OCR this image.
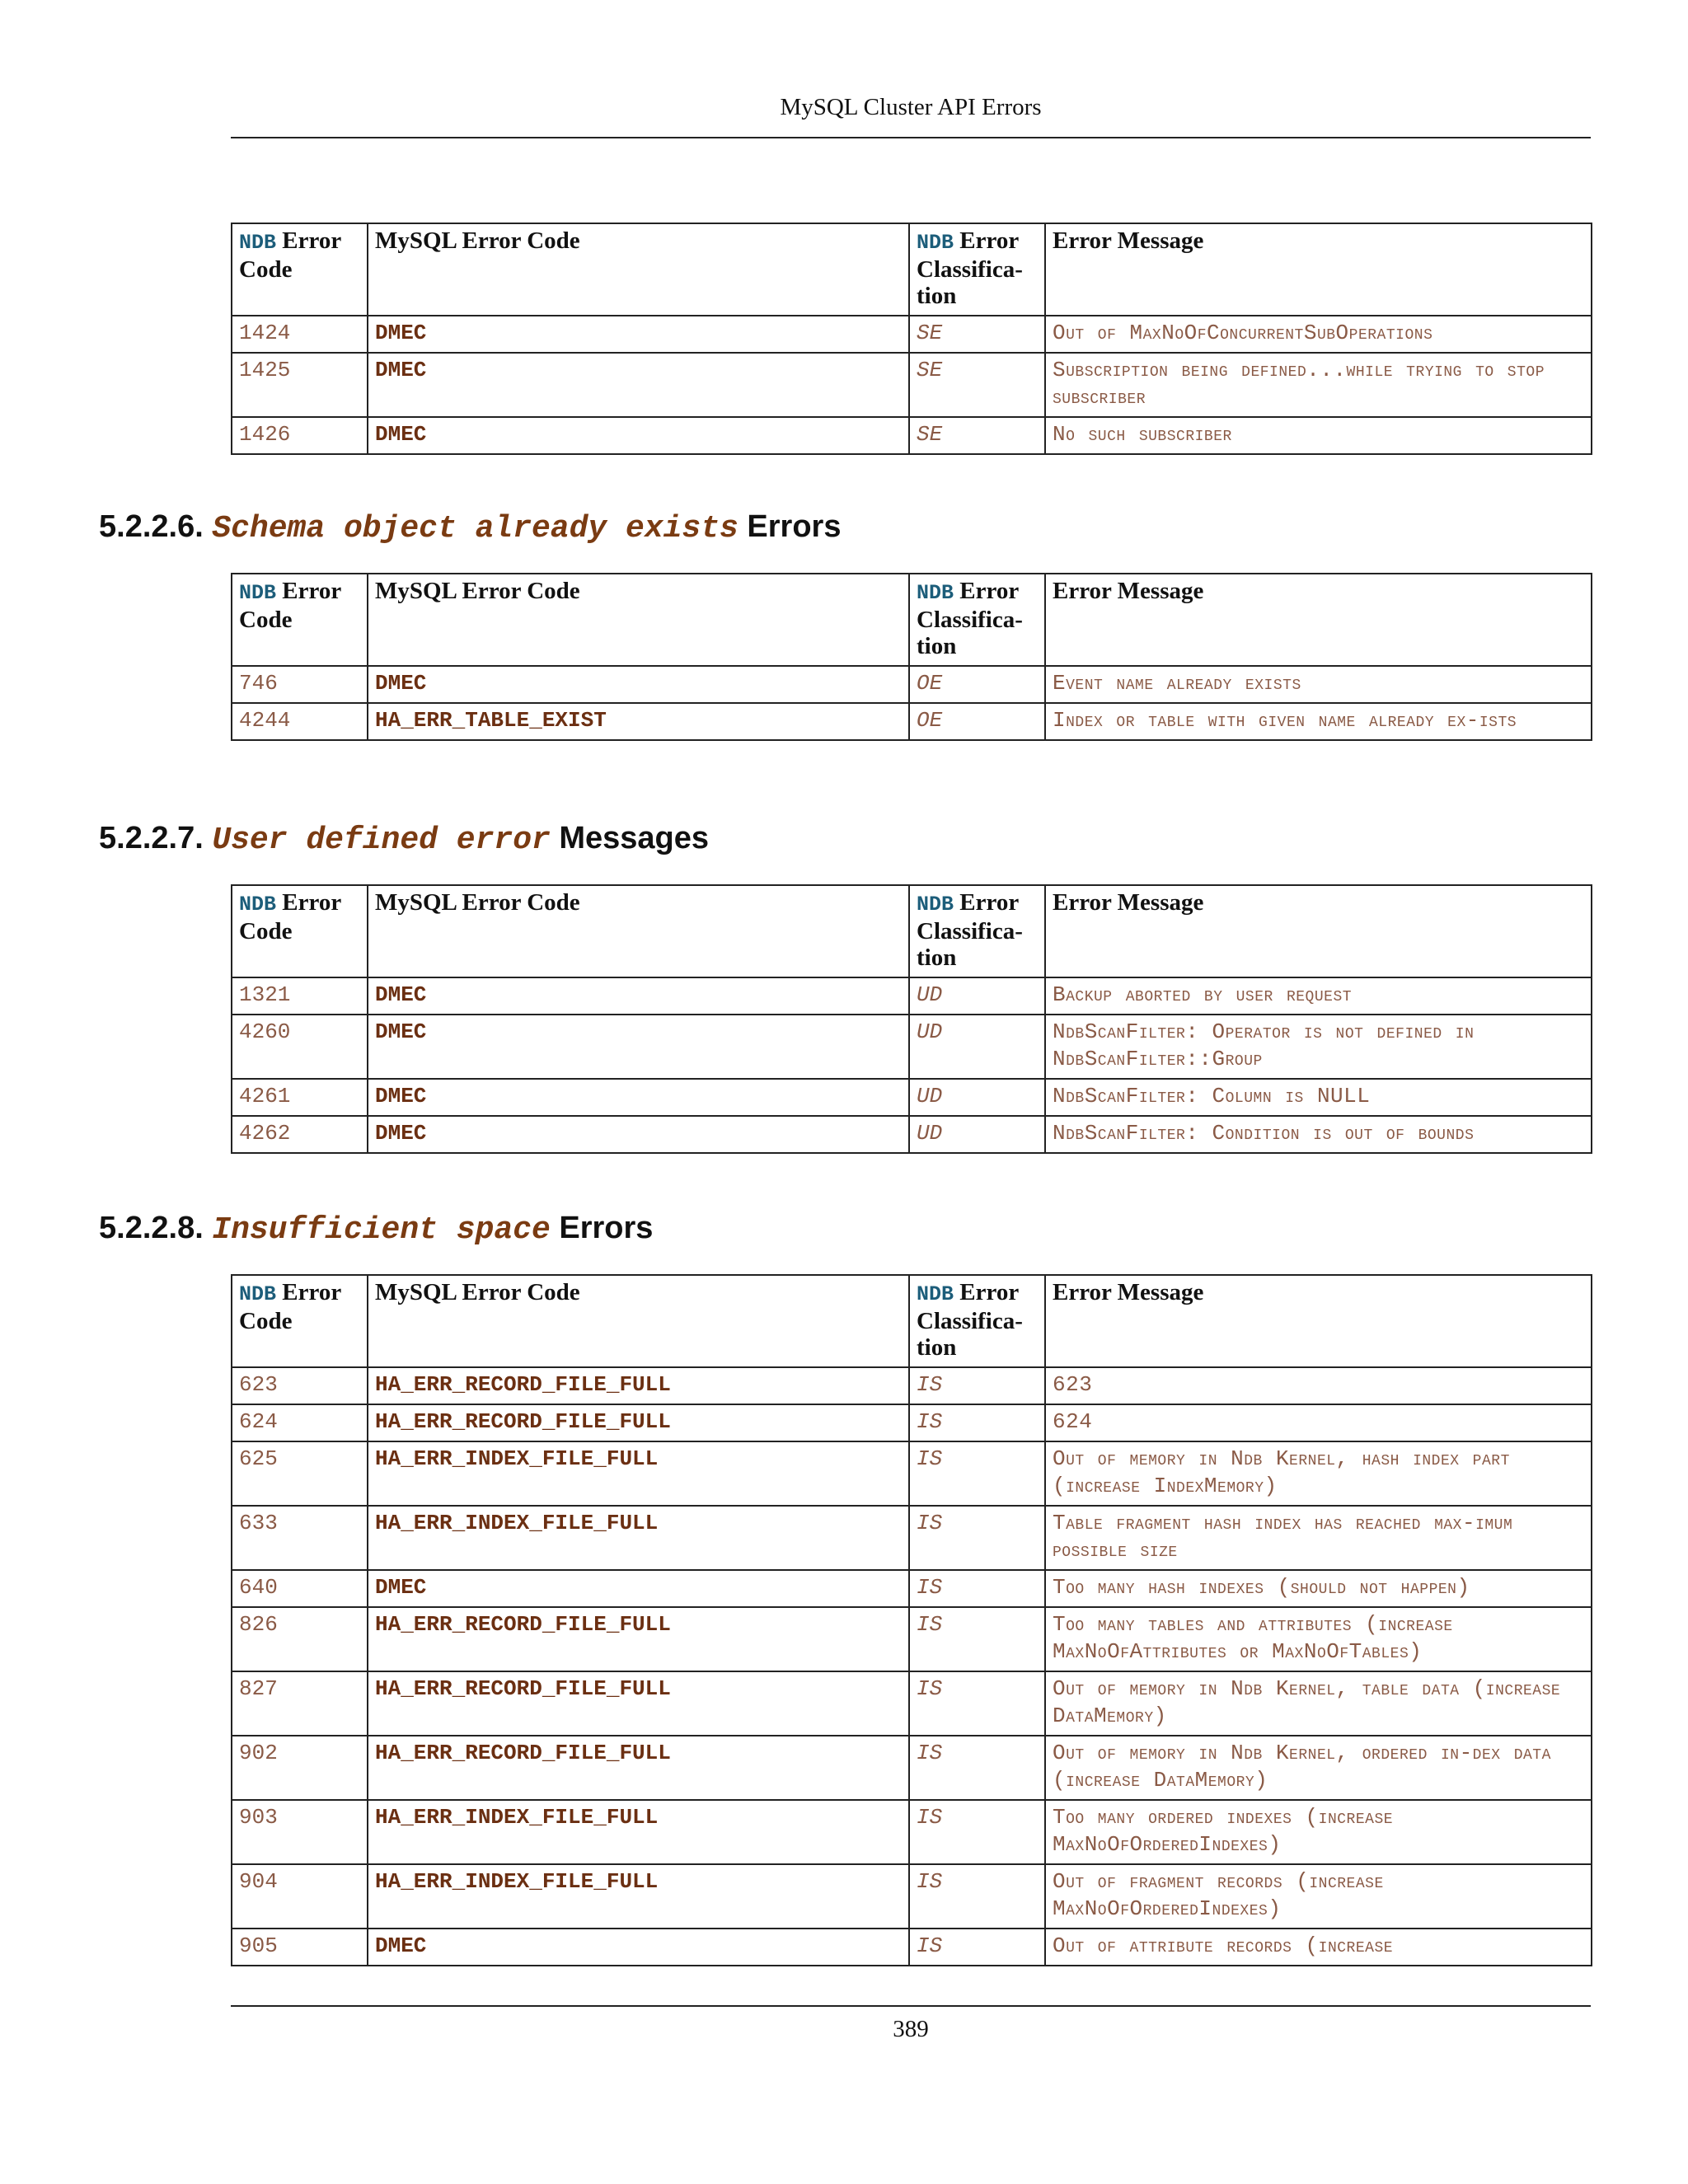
MySQL Cluster API Errors
NDB Error Code	MySQL Error Code	NDB Error Classifica-tion	Error Message
1424	DMEC	SE	Out of MaxNoOfConcurrentSubOperations
1425	DMEC	SE	Subscription being defined...while trying to stop subscriber
1426	DMEC	SE	No such subscriber
5.2.2.6. Schema object already exists Errors
NDB Error Code	MySQL Error Code	NDB Error Classifica-tion	Error Message
746	DMEC	OE	Event name already exists
4244	HA_ERR_TABLE_EXIST	OE	Index or table with given name already ex-ists
5.2.2.7. User defined error Messages
NDB Error Code	MySQL Error Code	NDB Error Classifica-tion	Error Message
1321	DMEC	UD	Backup aborted by user request
4260	DMEC	UD	NdbScanFilter: Operator is not defined in NdbScanFilter::Group
4261	DMEC	UD	NdbScanFilter: Column is NULL
4262	DMEC	UD	NdbScanFilter: Condition is out of bounds
5.2.2.8. Insufficient space Errors
NDB Error Code	MySQL Error Code	NDB Error Classifica-tion	Error Message
623	HA_ERR_RECORD_FILE_FULL	IS	623
624	HA_ERR_RECORD_FILE_FULL	IS	624
625	HA_ERR_INDEX_FILE_FULL	IS	Out of memory in Ndb Kernel, hash index part (increase IndexMemory)
633	HA_ERR_INDEX_FILE_FULL	IS	Table fragment hash index has reached max-imum possible size
640	DMEC	IS	Too many hash indexes (should not happen)
826	HA_ERR_RECORD_FILE_FULL	IS	Too many tables and attributes (increase MaxNoOfAttributes or MaxNoOfTables)
827	HA_ERR_RECORD_FILE_FULL	IS	Out of memory in Ndb Kernel, table data (increase DataMemory)
902	HA_ERR_RECORD_FILE_FULL	IS	Out of memory in Ndb Kernel, ordered in-dex data (increase DataMemory)
903	HA_ERR_INDEX_FILE_FULL	IS	Too many ordered indexes (increase MaxNoOfOrderedIndexes)
904	HA_ERR_INDEX_FILE_FULL	IS	Out of fragment records (increase MaxNoOfOrderedIndexes)
905	DMEC	IS	Out of attribute records (increase
389
